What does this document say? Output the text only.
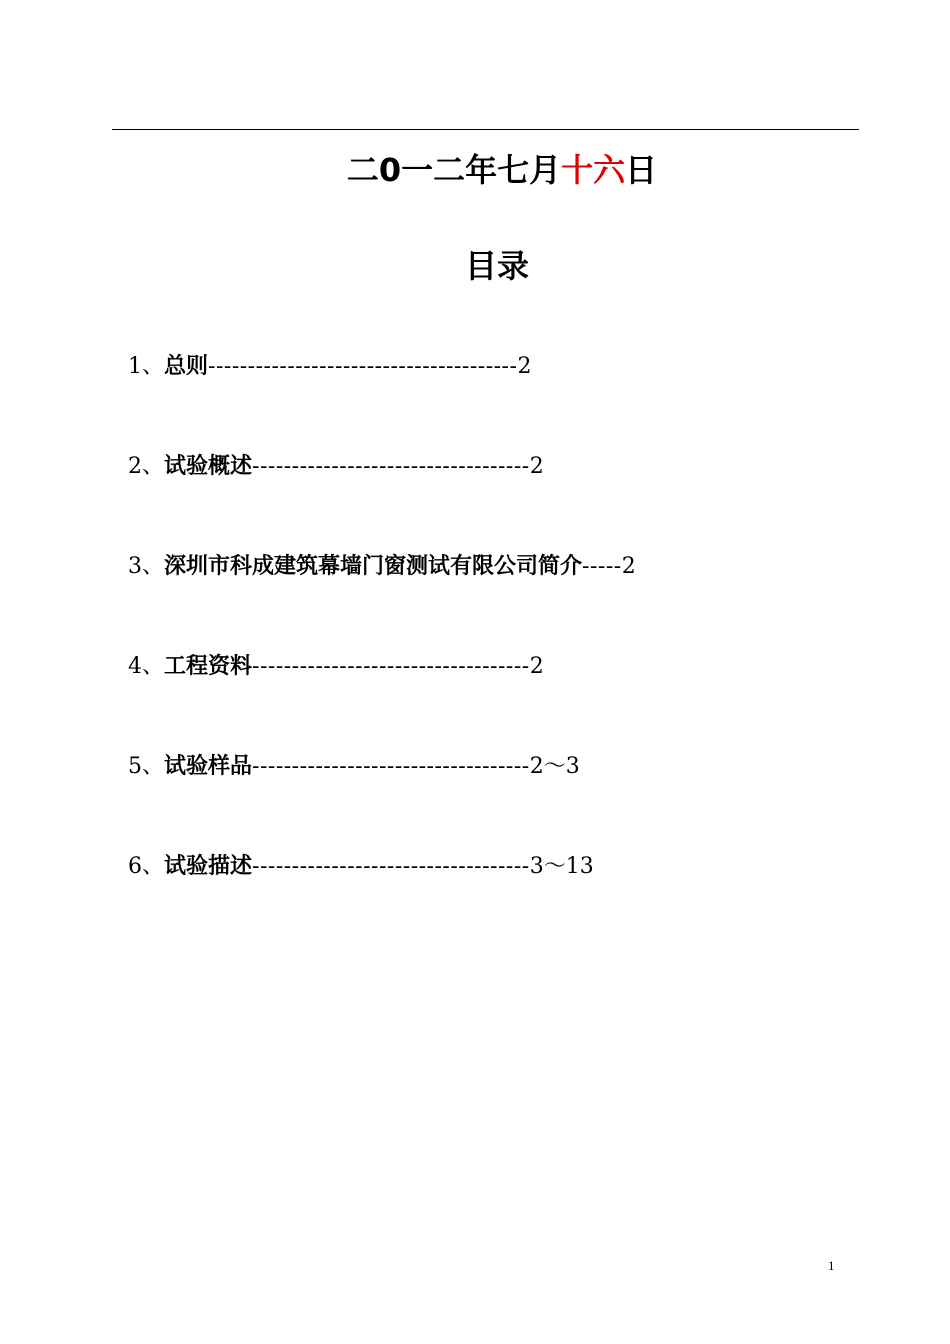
二0一二年七月十六日
目录
1、总则---------------------------------------2
2、试验概述-----------------------------------2
3、深圳市科成建筑幕墙门窗测试有限公司简介-----2
4、工程资料-----------------------------------2
5、试验样品-----------------------------------2～3
6、试验描述-----------------------------------3～13
1
